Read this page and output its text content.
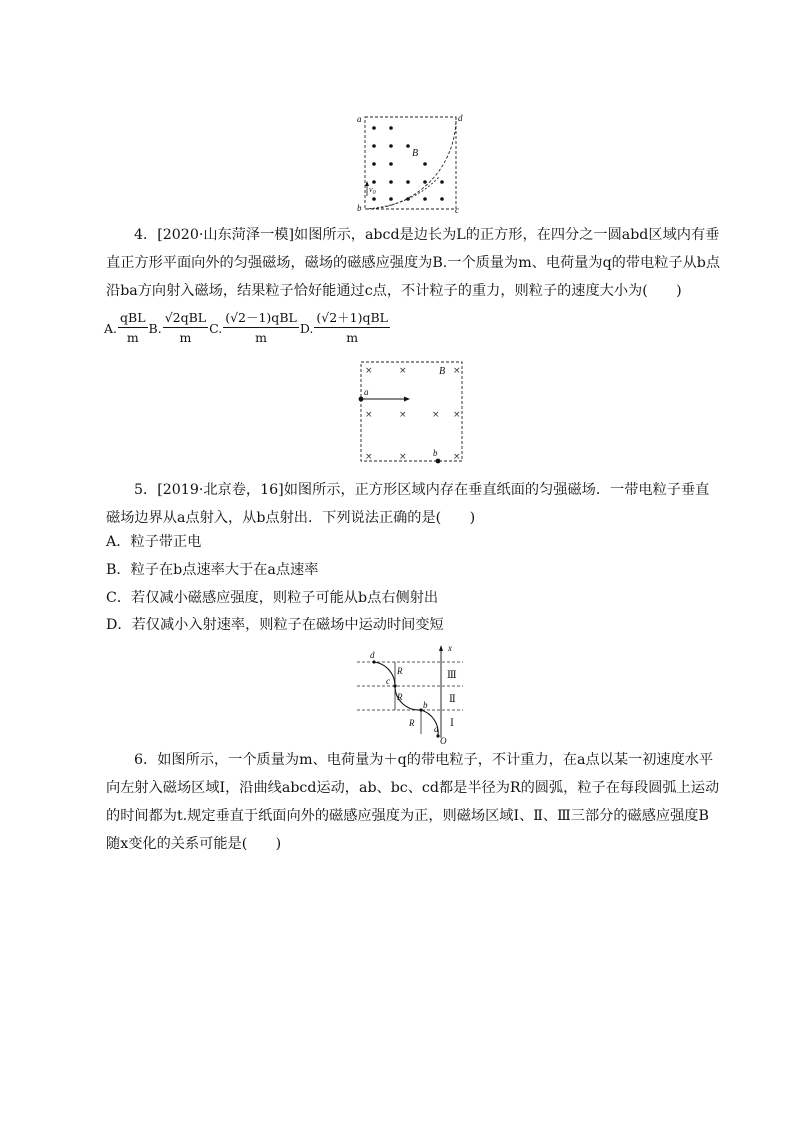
a	d
b	c
B
$v_0$

4．[2020·山东菏泽一模]如图所示，abcd是边长为L的正方形，在四分之一圆abd区域内有垂直正方形平面向外的匀强磁场，磁场的磁感应强度为B.一个质量为m、电荷量为q的带电粒子从b点沿ba方向射入磁场，结果粒子恰好能通过c点，不计粒子的重力，则粒子的速度大小为(　　)

A. $\frac{\text{qBL}}{m} B$. $\frac{\text{√2qBL}}{m} C$. $\frac{\text{(√2－1)qBL}}{m} D$. $\frac{\text{(√2＋1)qBL}}{m}$
×	×	×
×	×	× ×
×	×	×
a
b
B

5．[2019·北京卷，16]如图所示，正方形区域内存在垂直纸面的匀强磁场．一带电粒子垂直磁场边界从a点射入，从b点射出．下列说法正确的是(　　)

A．粒子带正电

B．粒子在b点速率大于在a点速率

C．若仅减小磁感应强度，则粒子可能从b点右侧射出

D．若仅减小入射速率，则粒子在磁场中运动时间变短

d
c
b
a
R
R
R
x
O
Ⅲ
Ⅱ
Ⅰ

6．如图所示，一个质量为m、电荷量为＋q的带电粒子，不计重力，在a点以某一初速度水平向左射入磁场区域Ⅰ，沿曲线abcd运动，ab、bc、cd都是半径为R的圆弧，粒子在每段圆弧上运动的时间都为t.规定垂直于纸面向外的磁感应强度为正，则磁场区域Ⅰ、Ⅱ、Ⅲ三部分的磁感应强度B随x变化的关系可能是(　　)
